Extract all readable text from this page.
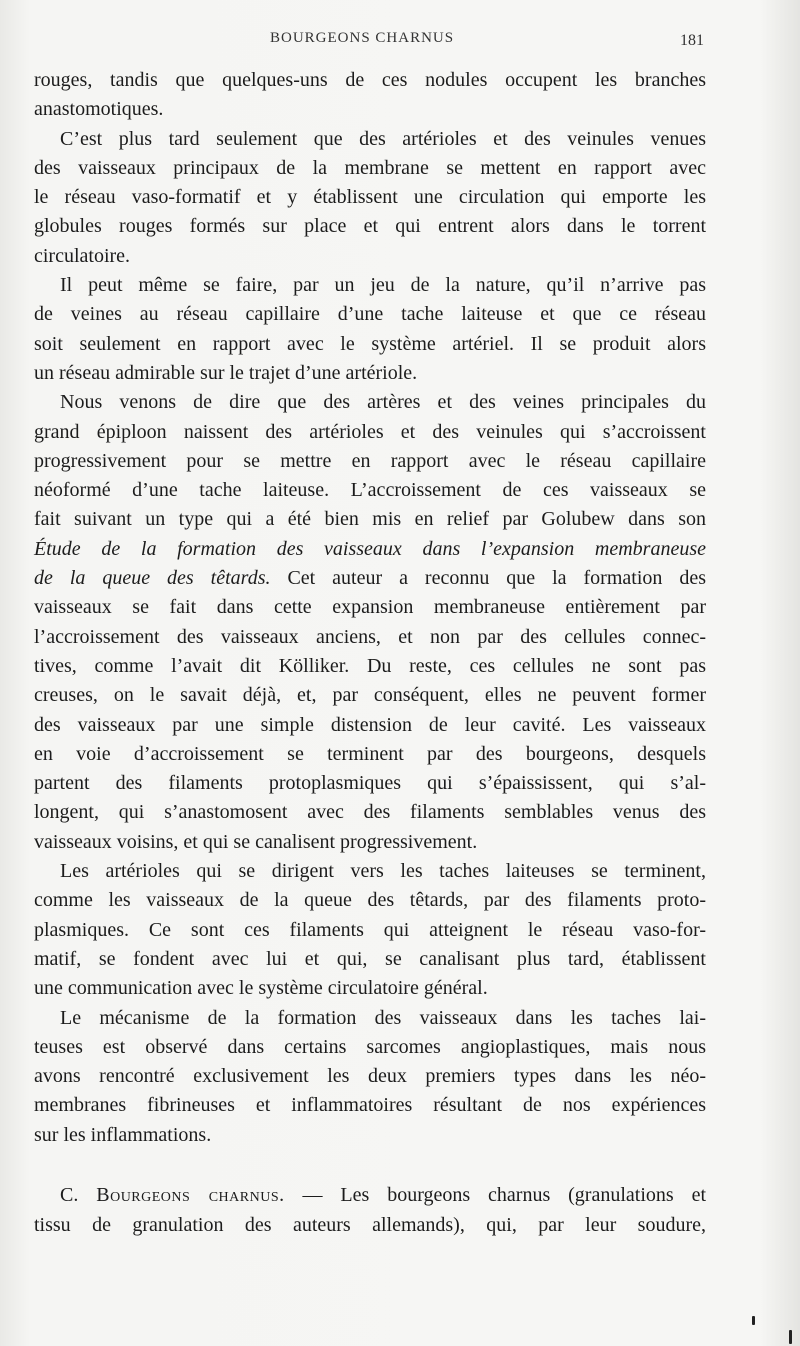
BOURGEONS CHARNUS	181

rouges, tandis que quelques-uns de ces nodules occupent les branches
anastomotiques.

C’est plus tard seulement que des artérioles et des veinules venues
des vaisseaux principaux de la membrane se mettent en rapport avec
le réseau vaso-formatif et y établissent une circulation qui emporte les
globules rouges formés sur place et qui entrent alors dans le torrent
circulatoire.

Il peut même se faire, par un jeu de la nature, qu’il n’arrive pas
de veines au réseau capillaire d’une tache laiteuse et que ce réseau
soit seulement en rapport avec le système artériel. Il se produit alors
un réseau admirable sur le trajet d’une artériole.

Nous venons de dire que des artères et des veines principales du
grand épiploon naissent des artérioles et des veinules qui s’accroissent
progressivement pour se mettre en rapport avec le réseau capillaire
néoformé d’une tache laiteuse. L’accroissement de ces vaisseaux se
fait suivant un type qui a été bien mis en relief par Golubew dans son
Étude de la formation des vaisseaux dans l’expansion membraneuse
de la queue des têtards. Cet auteur a reconnu que la formation des
vaisseaux se fait dans cette expansion membraneuse entièrement par
l’accroissement des vaisseaux anciens, et non par des cellules connec-
tives, comme l’avait dit Kölliker. Du reste, ces cellules ne sont pas
creuses, on le savait déjà, et, par conséquent, elles ne peuvent former
des vaisseaux par une simple distension de leur cavité. Les vaisseaux
en voie d’accroissement se terminent par des bourgeons, desquels
partent des filaments protoplasmiques qui s’épaississent, qui s’al-
longent, qui s’anastomosent avec des filaments semblables venus des
vaisseaux voisins, et qui se canalisent progressivement.

Les artérioles qui se dirigent vers les taches laiteuses se terminent,
comme les vaisseaux de la queue des têtards, par des filaments proto-
plasmiques. Ce sont ces filaments qui atteignent le réseau vaso-for-
matif, se fondent avec lui et qui, se canalisant plus tard, établissent
une communication avec le système circulatoire général.

Le mécanisme de la formation des vaisseaux dans les taches lai-
teuses est observé dans certains sarcomes angioplastiques, mais nous
avons rencontré exclusivement les deux premiers types dans les néo-
membranes fibrineuses et inflammatoires résultant de nos expériences
sur les inflammations.

C. Bourgeons charnus. — Les bourgeons charnus (granulations et
tissu de granulation des auteurs allemands), qui, par leur soudure,
